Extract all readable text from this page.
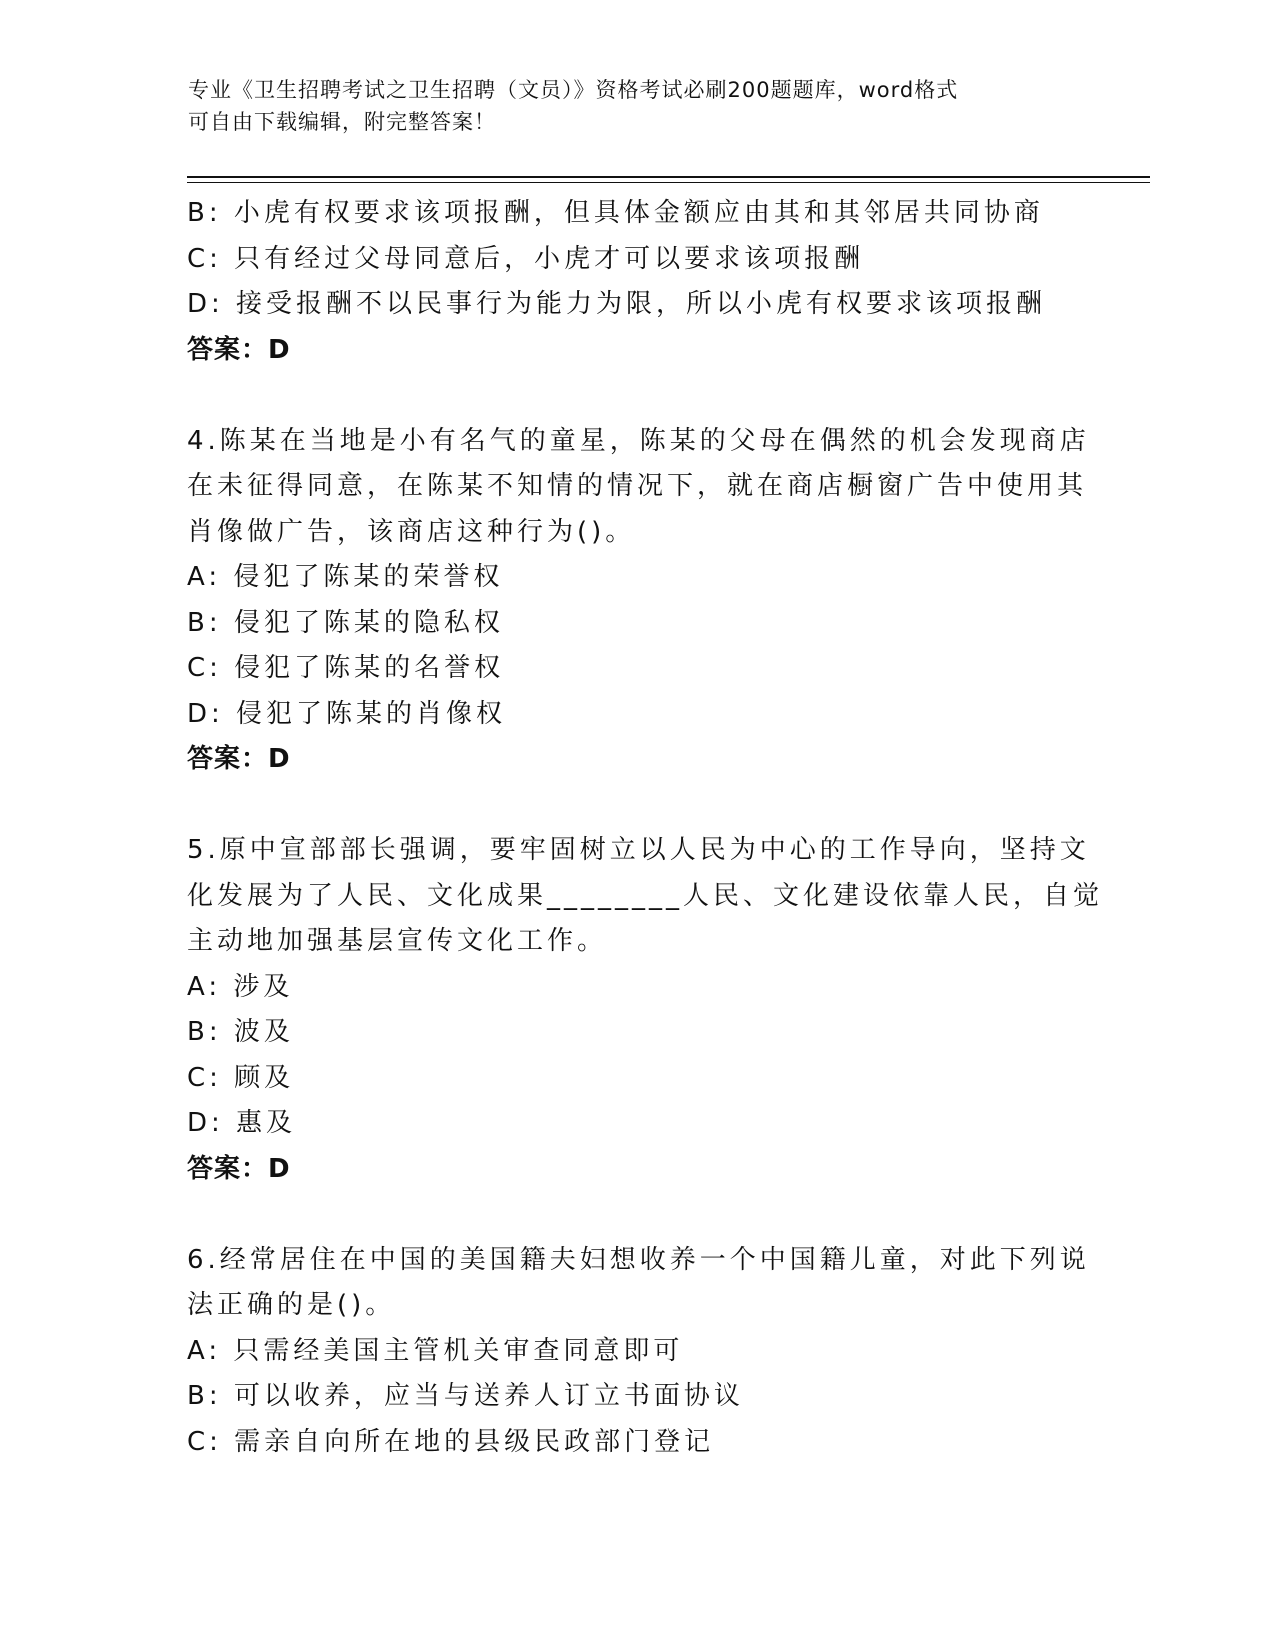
专业《卫生招聘考试之卫生招聘（文员）》资格考试必刷200题题库，word格式
可自由下载编辑，附完整答案！
B: 小虎有权要求该项报酬，但具体金额应由其和其邻居共同协商
C: 只有经过父母同意后，小虎才可以要求该项报酬
D: 接受报酬不以民事行为能力为限，所以小虎有权要求该项报酬
答案：D
4.陈某在当地是小有名气的童星，陈某的父母在偶然的机会发现商店
在未征得同意，在陈某不知情的情况下，就在商店橱窗广告中使用其
肖像做广告，该商店这种行为()。
A: 侵犯了陈某的荣誉权
B: 侵犯了陈某的隐私权
C: 侵犯了陈某的名誉权
D: 侵犯了陈某的肖像权
答案：D
5.原中宣部部长强调，要牢固树立以人民为中心的工作导向，坚持文
化发展为了人民、文化成果________人民、文化建设依靠人民，自觉
主动地加强基层宣传文化工作。
A: 涉及
B: 波及
C: 顾及
D: 惠及
答案：D
6.经常居住在中国的美国籍夫妇想收养一个中国籍儿童，对此下列说
法正确的是()。
A: 只需经美国主管机关审查同意即可
B: 可以收养，应当与送养人订立书面协议
C: 需亲自向所在地的县级民政部门登记
